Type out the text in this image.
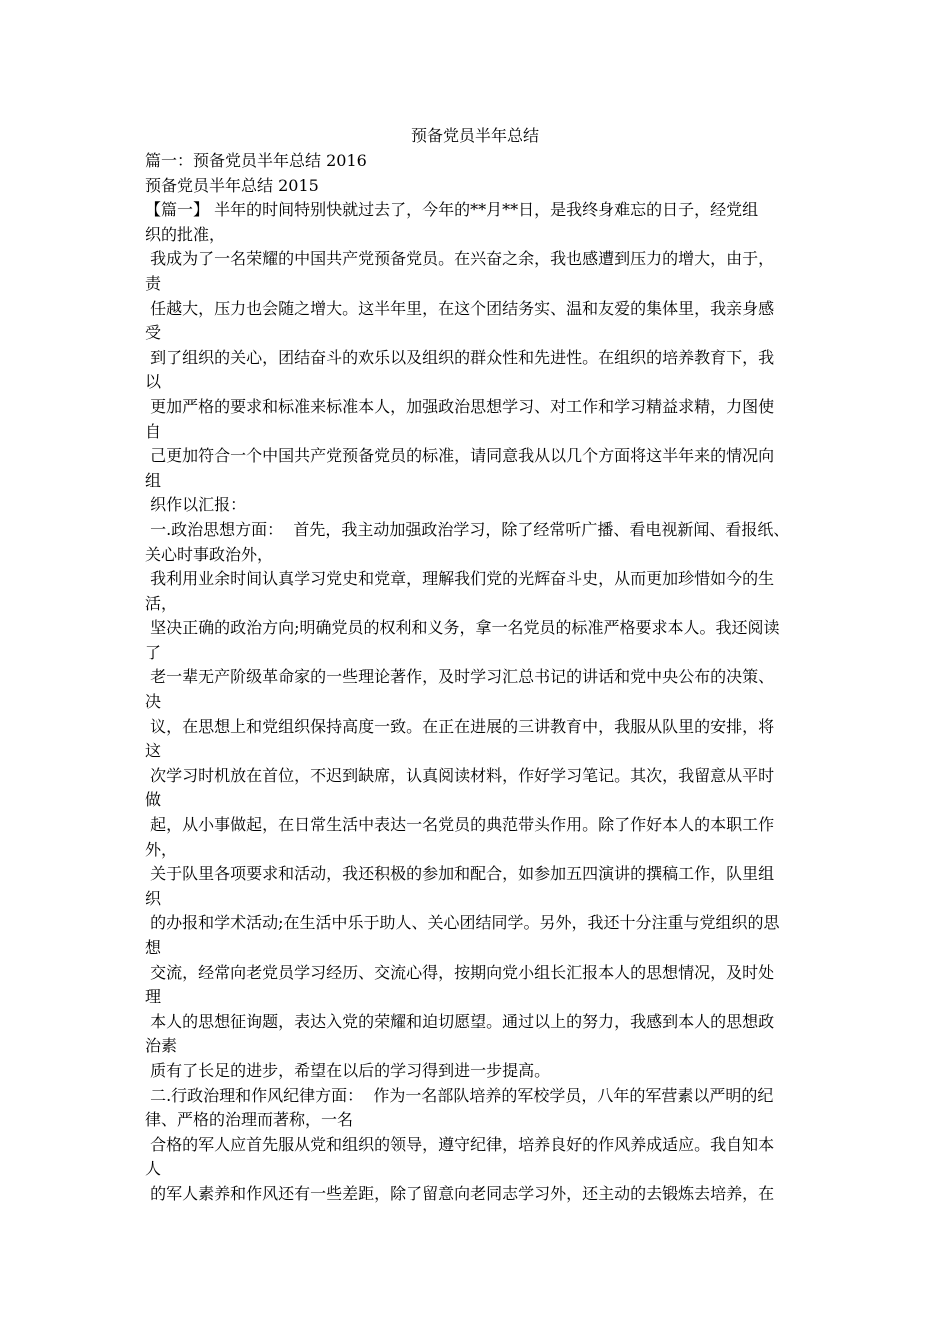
预备党员半年总结
篇一：预备党员半年总结 2016
预备党员半年总结 2015
【篇一】 半年的时间特别快就过去了，今年的**月**日，是我终身难忘的日子，经党组
织的批准，
我成为了一名荣耀的中国共产党预备党员。在兴奋之余，我也感遭到压力的增大，由于，
责
任越大，压力也会随之增大。这半年里，在这个团结务实、温和友爱的集体里，我亲身感
受
到了组织的关心，团结奋斗的欢乐以及组织的群众性和先进性。在组织的培养教育下，我
以
更加严格的要求和标准来标准本人，加强政治思想学习、对工作和学习精益求精，力图使
自
己更加符合一个中国共产党预备党员的标准，请同意我从以几个方面将这半年来的情况向
组
织作以汇报：
一.政治思想方面：  首先，我主动加强政治学习，除了经常听广播、看电视新闻、看报纸、
关心时事政治外，
我利用业余时间认真学习党史和党章，理解我们党的光辉奋斗史，从而更加珍惜如今的生
活，
坚决正确的政治方向;明确党员的权利和义务，拿一名党员的标准严格要求本人。我还阅读
了
老一辈无产阶级革命家的一些理论著作，及时学习汇总书记的讲话和党中央公布的决策、
决
议，在思想上和党组织保持高度一致。在正在进展的三讲教育中，我服从队里的安排，将
这
次学习时机放在首位，不迟到缺席，认真阅读材料，作好学习笔记。其次，我留意从平时
做
起，从小事做起，在日常生活中表达一名党员的典范带头作用。除了作好本人的本职工作
外，
关于队里各项要求和活动，我还积极的参加和配合，如参加五四演讲的撰稿工作，队里组
织
的办报和学术活动;在生活中乐于助人、关心团结同学。另外，我还十分注重与党组织的思
想
交流，经常向老党员学习经历、交流心得，按期向党小组长汇报本人的思想情况，及时处
理
本人的思想征询题，表达入党的荣耀和迫切愿望。通过以上的努力，我感到本人的思想政
治素
质有了长足的进步，希望在以后的学习得到进一步提高。
二.行政治理和作风纪律方面：  作为一名部队培养的军校学员，八年的军营素以严明的纪
律、严格的治理而著称，一名
合格的军人应首先服从党和组织的领导，遵守纪律，培养良好的作风养成适应。我自知本
人
的军人素养和作风还有一些差距，除了留意向老同志学习外，还主动的去锻炼去培养，在
